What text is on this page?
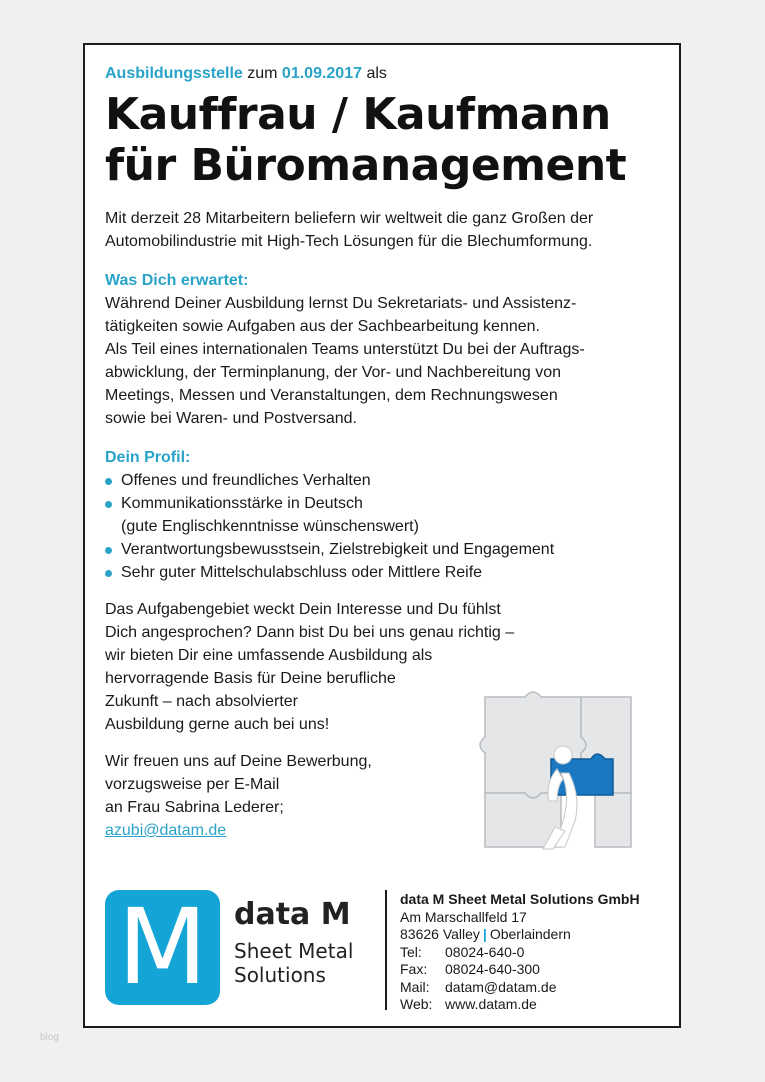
Ausbildungsstelle zum 01.09.2017 als
Kauffrau / Kaufmann
für Büromanagement
Mit derzeit 28 Mitarbeitern beliefern wir weltweit die ganz Großen der
Automobilindustrie mit High-Tech Lösungen für die Blechumformung.
Was Dich erwartet:
Während Deiner Ausbildung lernst Du Sekretariats- und Assistenz-
tätigkeiten sowie Aufgaben aus der Sachbearbeitung kennen.
Als Teil eines internationalen Teams unterstützt Du bei der Auftrags-
abwicklung, der Terminplanung, der Vor- und Nachbereitung von
Meetings, Messen und Veranstaltungen, dem Rechnungswesen
sowie bei Waren- und Postversand.
Dein Profil:
Offenes und freundliches Verhalten
Kommunikationsstärke in Deutsch
(gute Englischkenntnisse wünschenswert)
Verantwortungsbewusstsein, Zielstrebigkeit und Engagement
Sehr guter Mittelschulabschluss oder Mittlere Reife
Das Aufgabengebiet weckt Dein Interesse und Du fühlst
Dich angesprochen? Dann bist Du bei uns genau richtig –
wir bieten Dir eine umfassende Ausbildung als
hervorragende Basis für Deine berufliche
Zukunft – nach absolvierter
Ausbildung gerne auch bei uns!
Wir freuen uns auf Deine Bewerbung,
vorzugsweise per E-Mail
an Frau Sabrina Lederer;
azubi@datam.de
M data M
Sheet Metal
Solutions
data M Sheet Metal Solutions GmbH
Am Marschallfeld 17
83626 Valley | Oberlaindern
Tel:	08024-640-0
Fax:	08024-640-300
Mail:	datam@datam.de
Web: www.datam.de
blog
